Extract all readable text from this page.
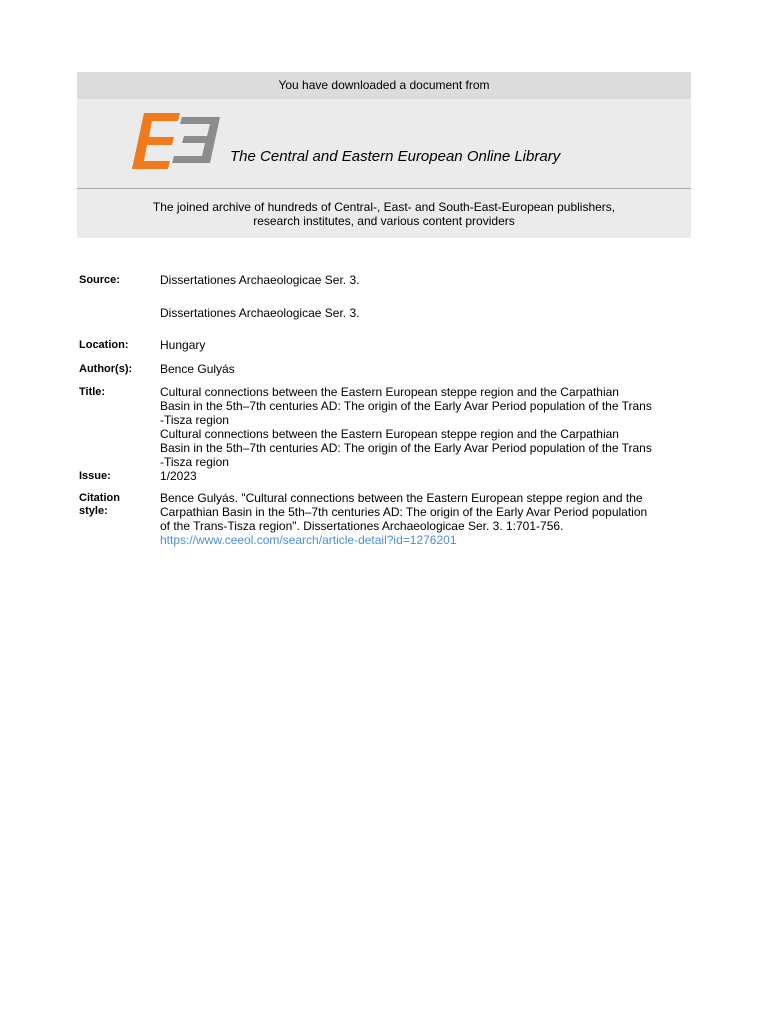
You have downloaded a document from
The Central and Eastern European Online Library
The joined archive of hundreds of Central-, East- and South-East-European publishers,
research institutes, and various content providers
Source:	Dissertationes Archaeologicae Ser. 3.
Dissertationes Archaeologicae Ser. 3.
Location:	Hungary
Author(s): Bence Gulyás
Title:	Cultural connections between the Eastern European steppe region and the Carpathian
Basin in the 5th–7th centuries AD: The origin of the Early Avar Period population of the Trans
-Tisza region
Cultural connections between the Eastern European steppe region and the Carpathian
Basin in the 5th–7th centuries AD: The origin of the Early Avar Period population of the Trans
-Tisza region
Issue:	1/2023
Citation
style:
Bence Gulyás. "Cultural connections between the Eastern European steppe region and the
Carpathian Basin in the 5th–7th centuries AD: The origin of the Early Avar Period population
of the Trans-Tisza region". Dissertationes Archaeologicae Ser. 3. 1:701-756.
https://www.ceeol.com/search/article-detail?id=1276201
